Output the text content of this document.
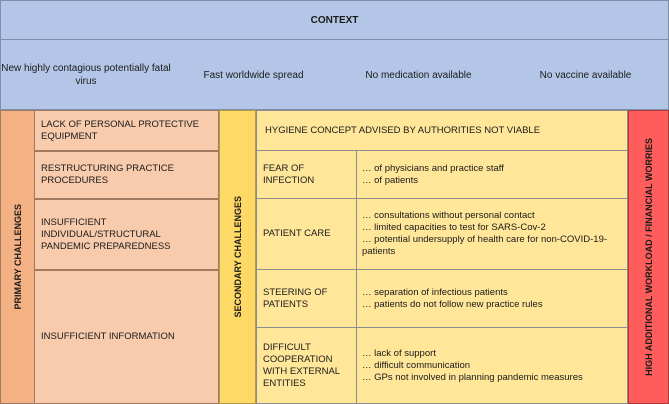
CONTEXT
New highly contagious potentially fatal virus
Fast worldwide spread	No medication available	No vaccine available
PRIMARY CHALLENGES
LACK OF PERSONAL PROTECTIVE EQUIPMENT
RESTRUCTURING PRACTICE PROCEDURES
INSUFFICIENT INDIVIDUAL/STRUCTURAL PANDEMIC PREPAREDNESS
INSUFFICIENT INFORMATION
SECONDARY CHALLENGES
HYGIENE CONCEPT ADVISED BY AUTHORITIES NOT VIABLE
FEAR OF INFECTION
… of physicians and practice staff
… of patients
PATIENT CARE
… consultations without personal contact
… limited capacities to test for SARS-Cov-2
… potential undersupply of health care for non-COVID-19-patients
STEERING OF PATIENTS
… separation of infectious patients
… patients do not follow new practice rules
DIFFICULT COOPERATION WITH EXTERNAL ENTITIES
… lack of support
… difficult communication
… GPs not involved in planning pandemic measures
HIGH ADDITIONAL WORKLOAD / FINANCIAL WORRIES
